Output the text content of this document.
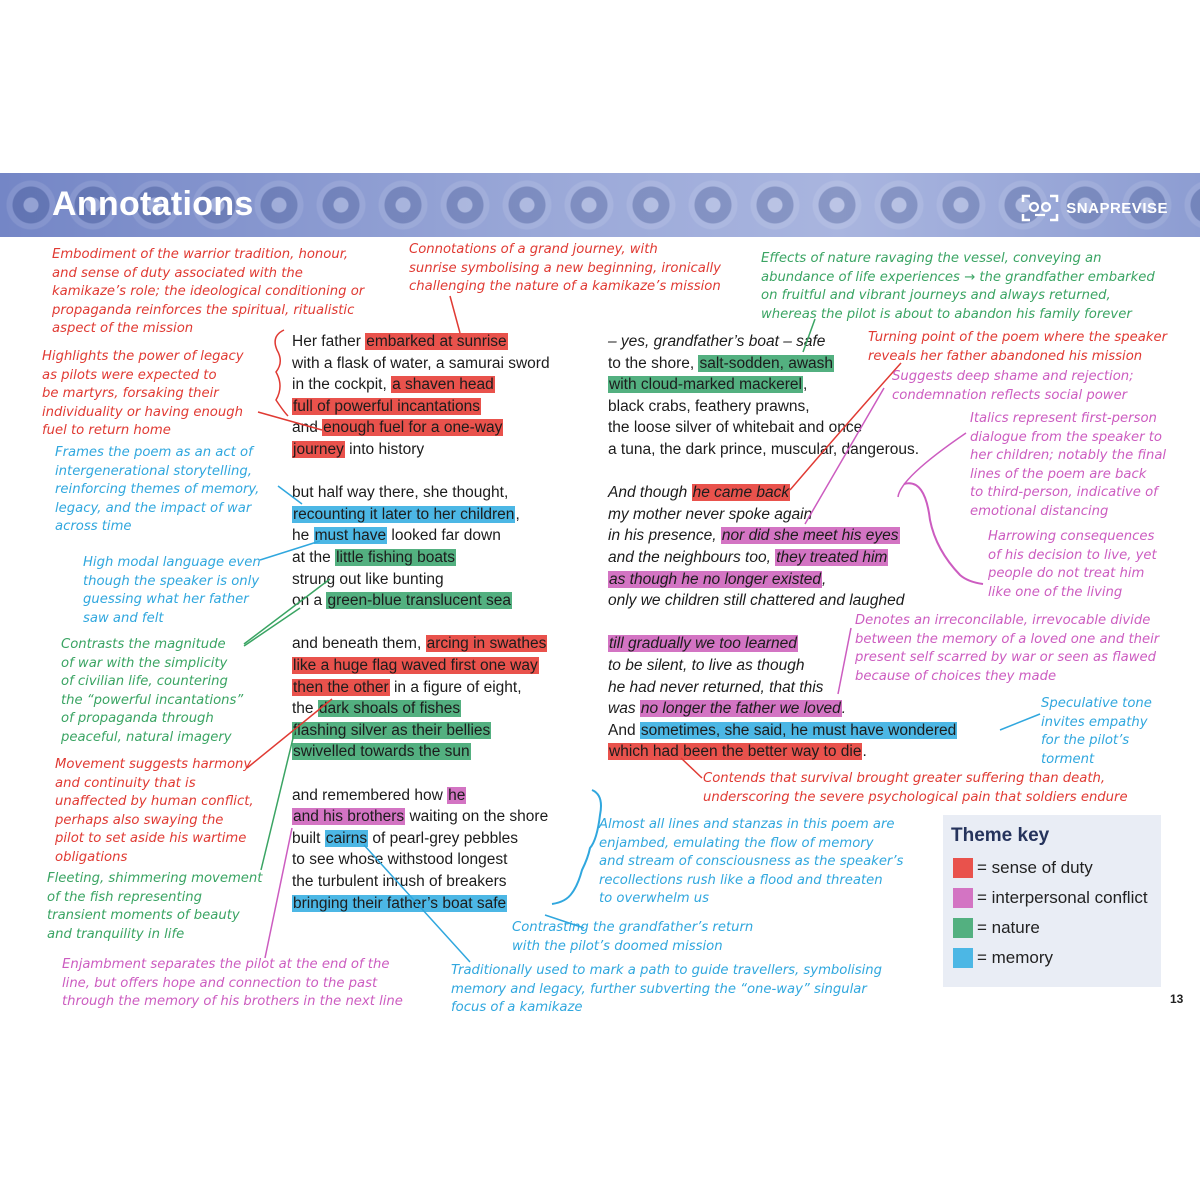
Annotations	SNAPREVISE
Her father embarked at sunrise
with a flask of water, a samurai sword
in the cockpit, a shaven head
full of powerful incantations
and enough fuel for a one-way
journey into history
but half way there, she thought,
recounting it later to her children,
he must have looked far down
at the little fishing boats
strung out like bunting
on a green-blue translucent sea
and beneath them, arcing in swathes
like a huge flag waved first one way
then the other in a figure of eight,
the dark shoals of fishes
flashing silver as their bellies
swivelled towards the sun
and remembered how he
and his brothers waiting on the shore
built cairns of pearl-grey pebbles
to see whose withstood longest
the turbulent inrush of breakers
bringing their father’s boat safe
– yes, grandfather’s boat – safe
to the shore, salt-sodden, awash
with cloud-marked mackerel,
black crabs, feathery prawns,
the loose silver of whitebait and once
a tuna, the dark prince, muscular, dangerous.
And though he came back
my mother never spoke again
in his presence, nor did she meet his eyes
and the neighbours too, they treated him
as though he no longer existed,
only we children still chattered and laughed
till gradually we too learned
to be silent, to live as though
he had never returned, that this
was no longer the father we loved.
And sometimes, she said, he must have wondered
which had been the better way to die.
Embodiment of the warrior tradition, honour,
and sense of duty associated with the
kamikaze’s role; the ideological conditioning or
propaganda reinforces the spiritual, ritualistic
aspect of the mission
Connotations of a grand journey, with
sunrise symbolising a new beginning, ironically
challenging the nature of a kamikaze’s mission
Effects of nature ravaging the vessel, conveying an
abundance of life experiences → the grandfather embarked
on fruitful and vibrant journeys and always returned,
whereas the pilot is about to abandon his family forever
Highlights the power of legacy
as pilots were expected to
be martyrs, forsaking their
individuality or having enough
fuel to return home
Turning point of the poem where the speaker
reveals her father abandoned his mission
Suggests deep shame and rejection;
condemnation reflects social power
Italics represent first-person
dialogue from the speaker to
her children; notably the final
lines of the poem are back
to third-person, indicative of
emotional distancing
Frames the poem as an act of
intergenerational storytelling,
reinforcing themes of memory,
legacy, and the impact of war
across time
Harrowing consequences
of his decision to live, yet
people do not treat him
like one of the living
High modal language even
though the speaker is only
guessing what her father
saw and felt
Contrasts the magnitude
of war with the simplicity
of civilian life, countering
the “powerful incantations”
of propaganda through
peaceful, natural imagery
Denotes an irreconcilable, irrevocable divide
between the memory of a loved one and their
present self scarred by war or seen as flawed
because of choices they made
Speculative tone
invites empathy
for the pilot’s
torment
Movement suggests harmony
and continuity that is
unaffected by human conflict,
perhaps also swaying the
pilot to set aside his wartime
obligations
Contends that survival brought greater suffering than death,
underscoring the severe psychological pain that soldiers endure
Almost all lines and stanzas in this poem are
enjambed, emulating the flow of memory
and stream of consciousness as the speaker’s
recollections rush like a flood and threaten
to overwhelm us
Fleeting, shimmering movement
of the fish representing
transient moments of beauty
and tranquility in life	Contrasting the grandfather’s return
with the pilot’s doomed mission
Enjambment separates the pilot at the end of the
line, but offers hope and connection to the past
through the memory of his brothers in the next line
Traditionally used to mark a path to guide travellers, symbolising
memory and legacy, further subverting the “one-way” singular
focus of a kamikaze
Theme key
= sense of duty
= interpersonal conflict
= nature
= memory
13
